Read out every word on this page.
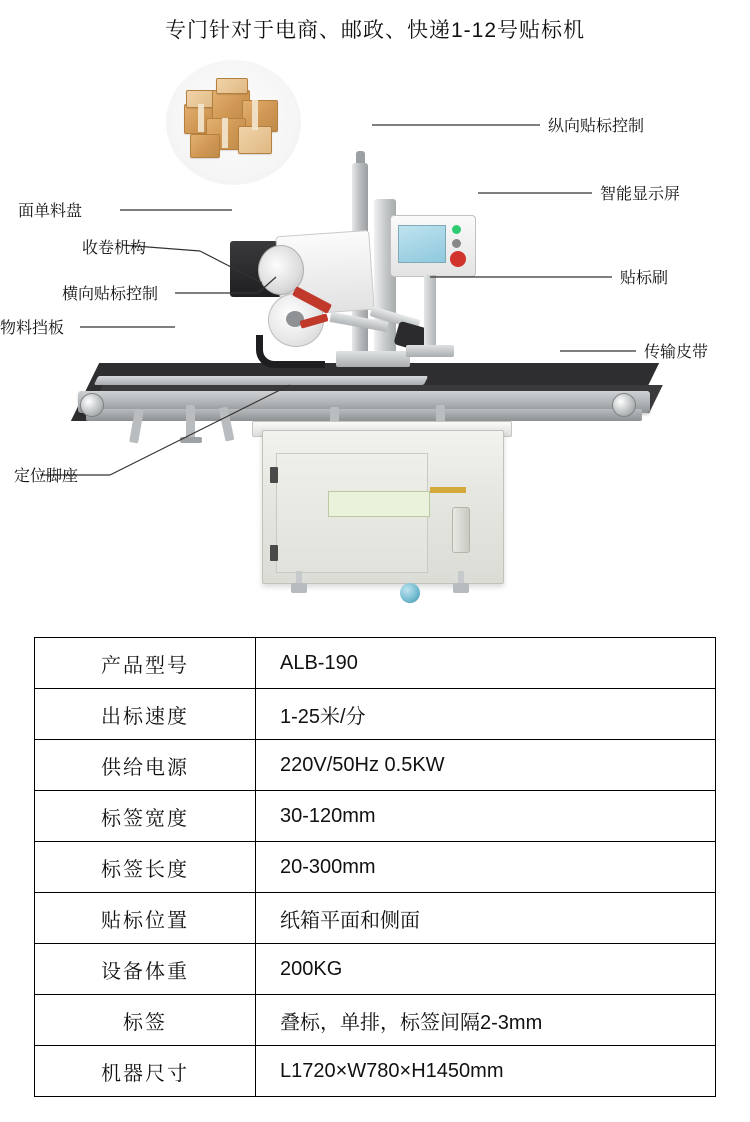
专门针对于电商、邮政、快递1-12号贴标机
纵向贴标控制
智能显示屏
贴标刷
传输皮带
面单料盘
收卷机构
横向贴标控制
物料挡板
定位脚座
产品型号	ALB-190
出标速度	1-25米/分
供给电源	220V/50Hz 0.5KW
标签宽度	30-120mm
标签长度	20-300mm
贴标位置	纸箱平面和侧面
设备体重	200KG
标签	叠标，单排，标签间隔2-3mm
机器尺寸	L1720×W780×H1450mm
